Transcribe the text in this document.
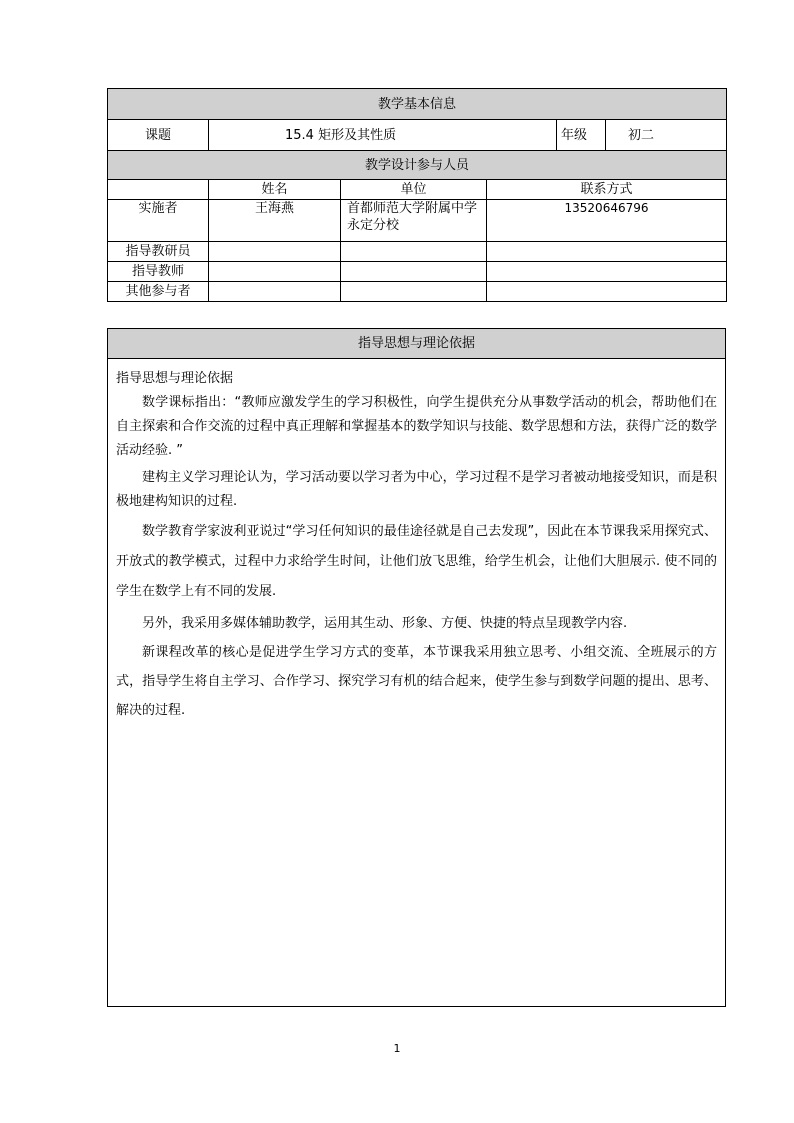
教学基本信息					
课题	15.4 矩形及其性质			年级	初二
教学设计参与人员					
	姓名	单位	联系方式		
实施者	王海燕	首都师范大学附属中学永定分校	13520646796		
指导教研员					
指导教师					
其他参与者					
指导思想与理论依据

指导思想与理论依据

数学课标指出：“教师应激发学生的学习积极性，向学生提供充分从事数学活动的机会，帮助他们在自主探索和合作交流的过程中真正理解和掌握基本的数学知识与技能、数学思想和方法，获得广泛的数学活动经验. ”

建构主义学习理论认为，学习活动要以学习者为中心，学习过程不是学习者被动地接受知识，而是积极地建构知识的过程.

数学教育学家波利亚说过“学习任何知识的最佳途径就是自己去发现”，因此在本节课我采用探究式、开放式的教学模式，过程中力求给学生时间，让他们放飞思维，给学生机会，让他们大胆展示. 使不同的学生在数学上有不同的发展.

另外，我采用多媒体辅助教学，运用其生动、形象、方便、快捷的特点呈现教学内容.

新课程改革的核心是促进学生学习方式的变革，本节课我采用独立思考、小组交流、全班展示的方式，指导学生将自主学习、合作学习、探究学习有机的结合起来，使学生参与到数学问题的提出、思考、解决的过程.

1
